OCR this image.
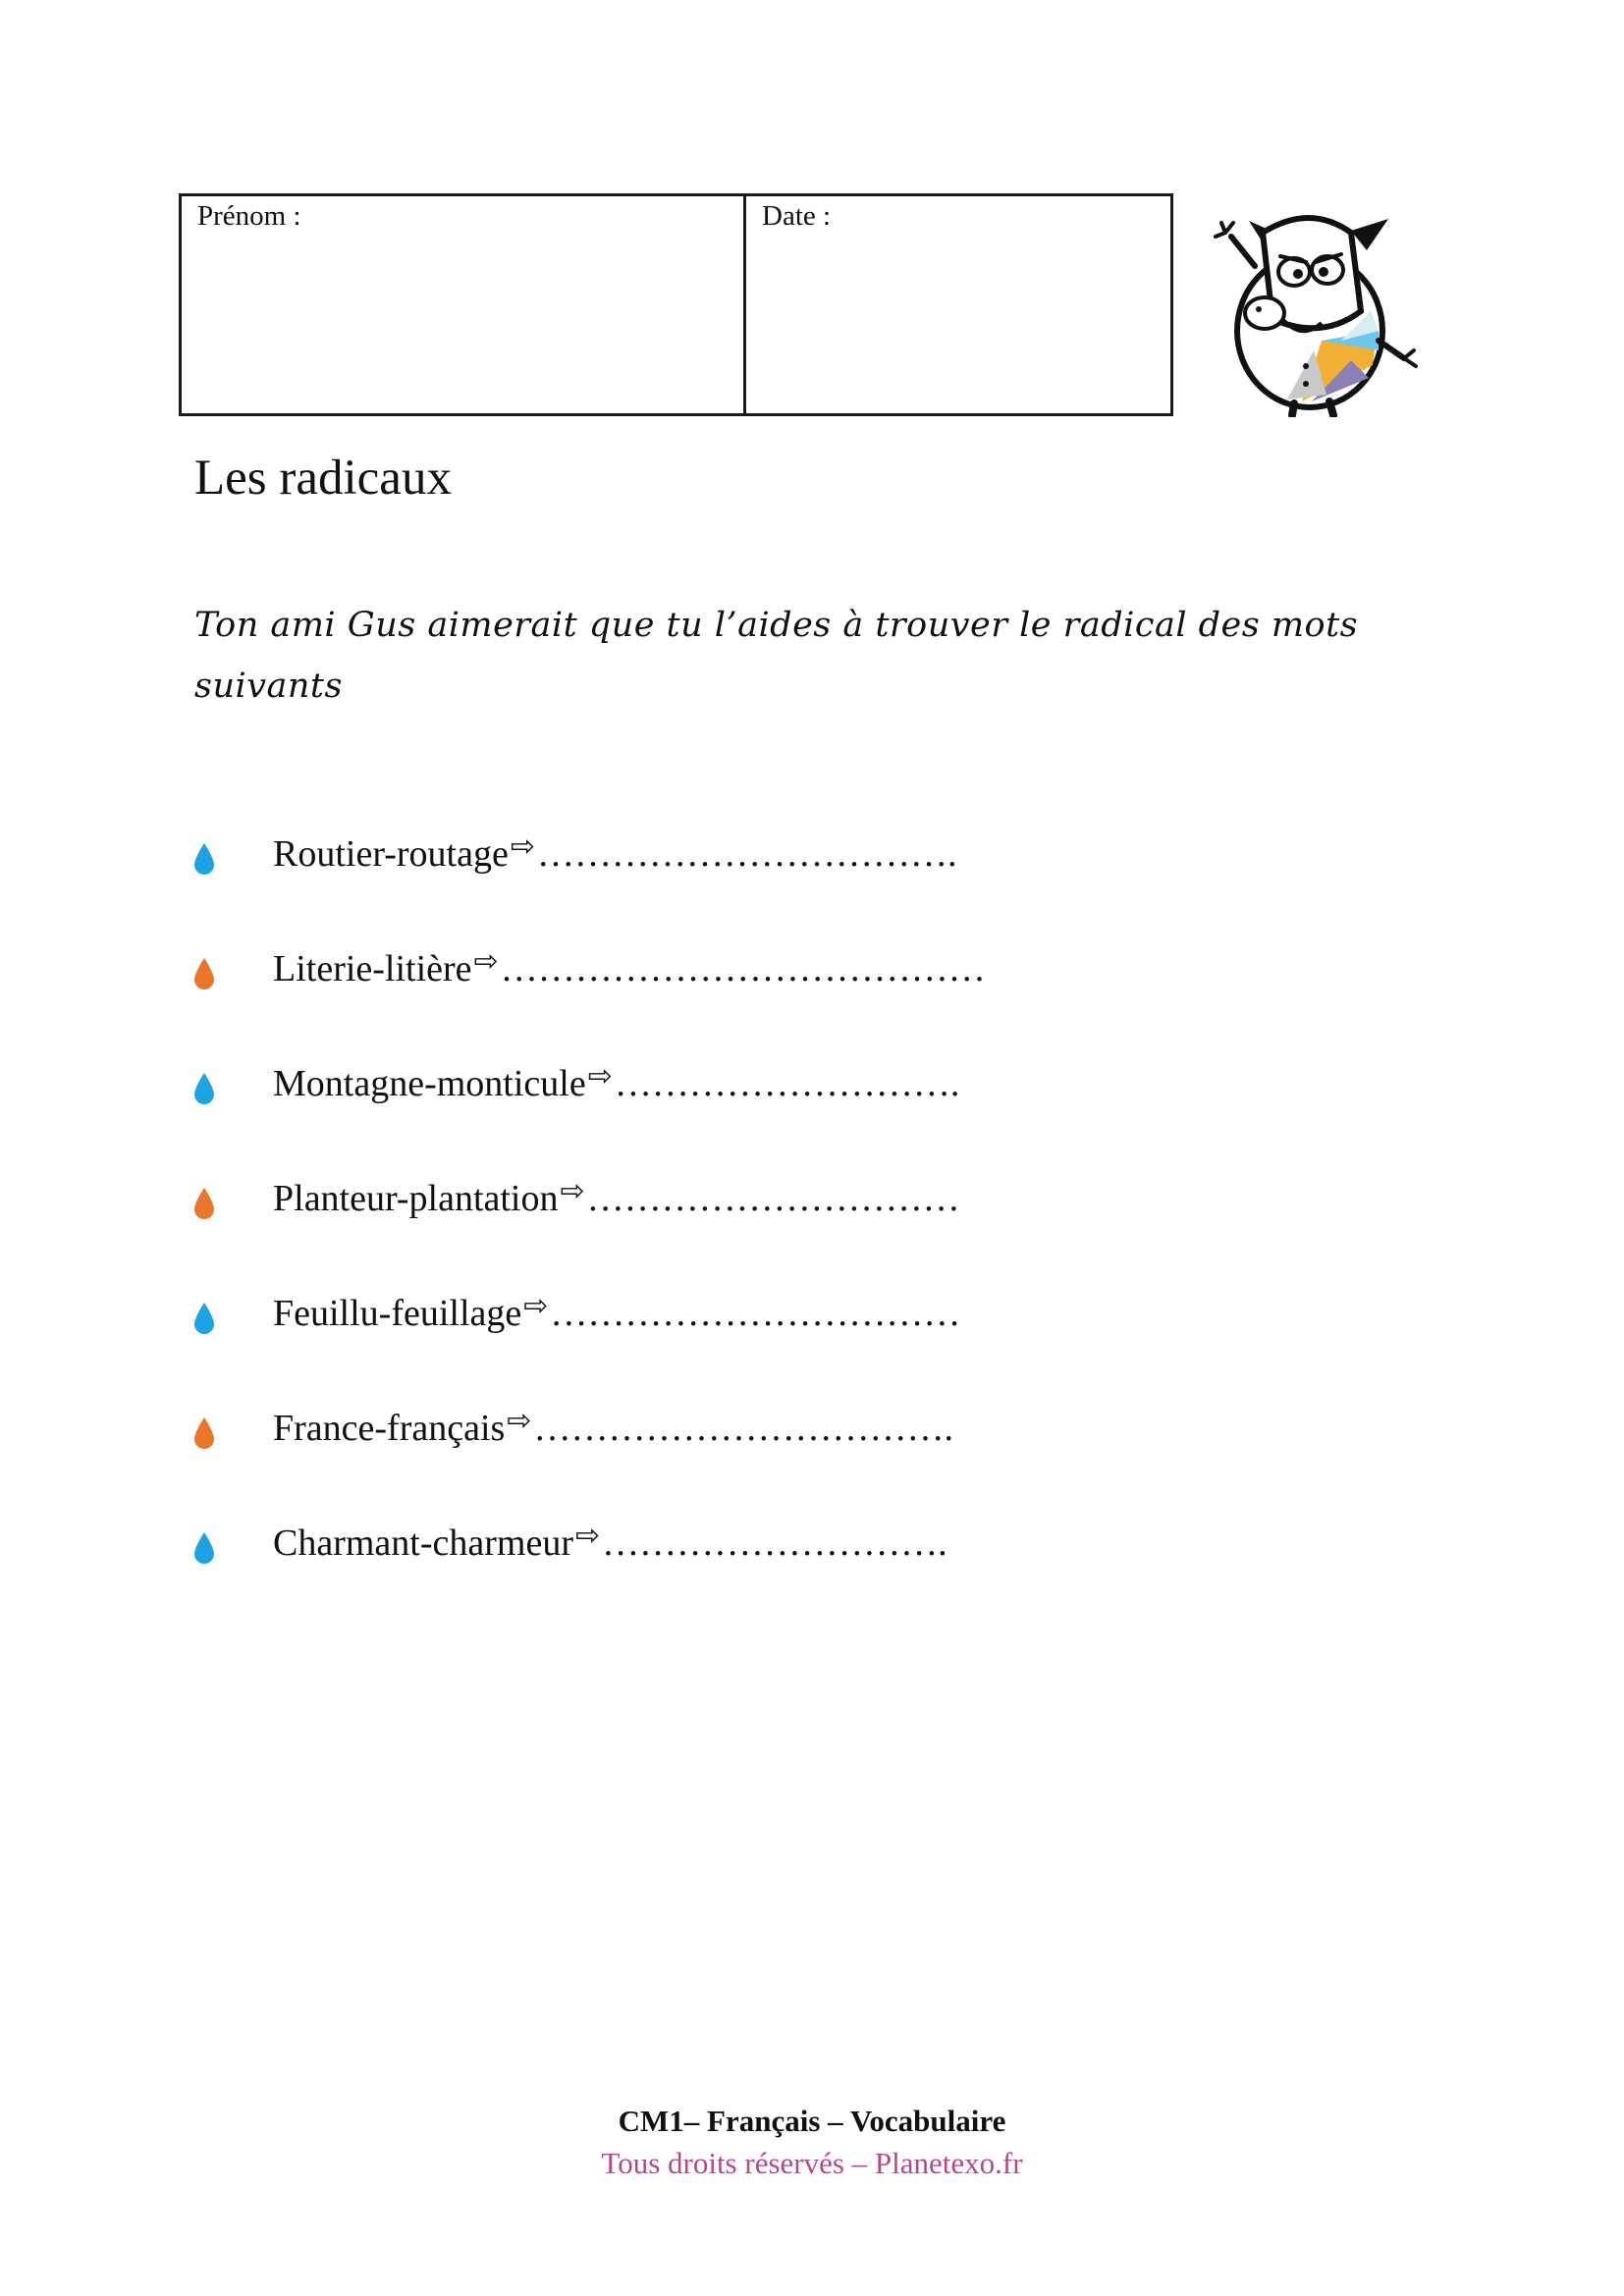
Prénom :	Date :
Les radicaux

Ton ami Gus aimerait que tu l’aides à trouver le radical des mots suivants

Routier-routage ⇨ …………………………….
Literie-litière ⇨ …………………………………
Montagne-monticule ⇨ ……………………….
Planteur-plantation ⇨ …………………………
Feuillu-feuillage ⇨ ……………………………
France-français ⇨ …………………………….
Charmant-charmeur ⇨ ……………………….
CM1– Français – Vocabulaire
Tous droits réservés – Planetexo.fr
